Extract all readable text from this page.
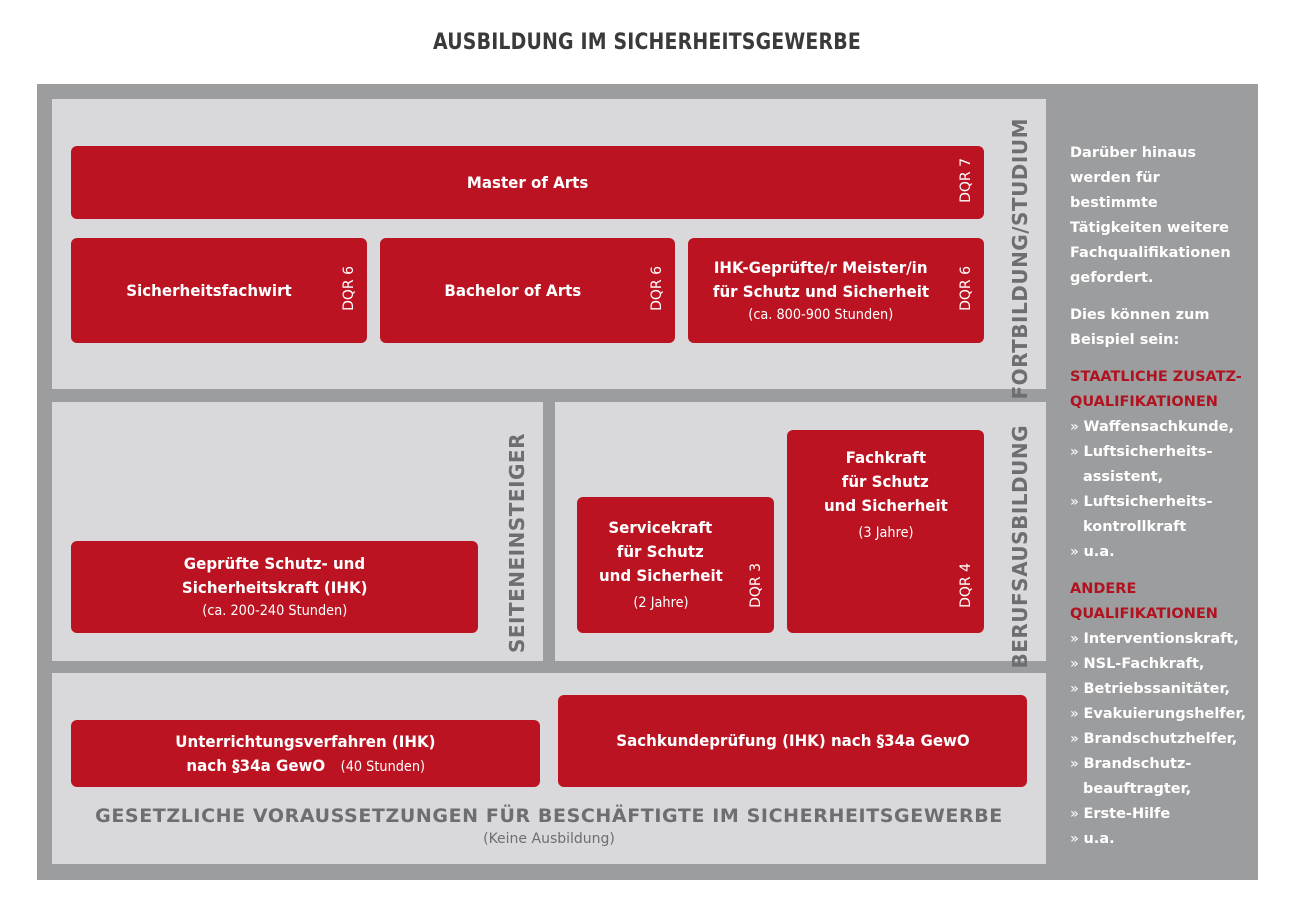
AUSBILDUNG IM SICHERHEITSGEWERBE
Master of Arts	DQR 7
Sicherheitsfachwirt	DQR 6	Bachelor of Arts	DQR 6	IHK-Geprüfte/r Meister/in
für Schutz und Sicherheit
(ca. 800-900 Stunden)
DQR 6 FORTBILDUNG/STUDIUM
Geprüfte Schutz- und
Sicherheitskraft (IHK)
(ca. 200-240 Stunden)	SEITENEINSTEIGER	Servicekraft
für Schutz
und Sicherheit
(2 Jahre)	DQR 3
Fachkraft
für Schutz
und Sicherheit
(3 Jahre)
DQR 4 BERUFSAUSBILDUNG
Unterrichtungsverfahren (IHK)
nach §34a GewO (40 Stunden)
Sachkundeprüfung (IHK) nach §34a GewO
GESETZLICHE VORAUSSETZUNGEN FÜR BESCHÄFTIGTE IM SICHERHEITSGEWERBE
(Keine Ausbildung)

Darüber hinaus werden für bestimmte Tätigkeiten weitere Fachqualifikationen gefordert.

Dies können zum Beispiel sein:

STAATLICHE ZUSATZ-QUALIFIKATIONEN

» Waffensachkunde,
» Luftsicherheits-assistent,
» Luftsicherheits-kontrollkraft
» u.a.

ANDERE QUALIFIKATIONEN

» Interventionskraft,
» NSL-Fachkraft,
» Betriebssanitäter,
» Evakuierungshelfer,
» Brandschutzhelfer,
» Brandschutz-beauftragter,
» Erste-Hilfe
» u.a.
